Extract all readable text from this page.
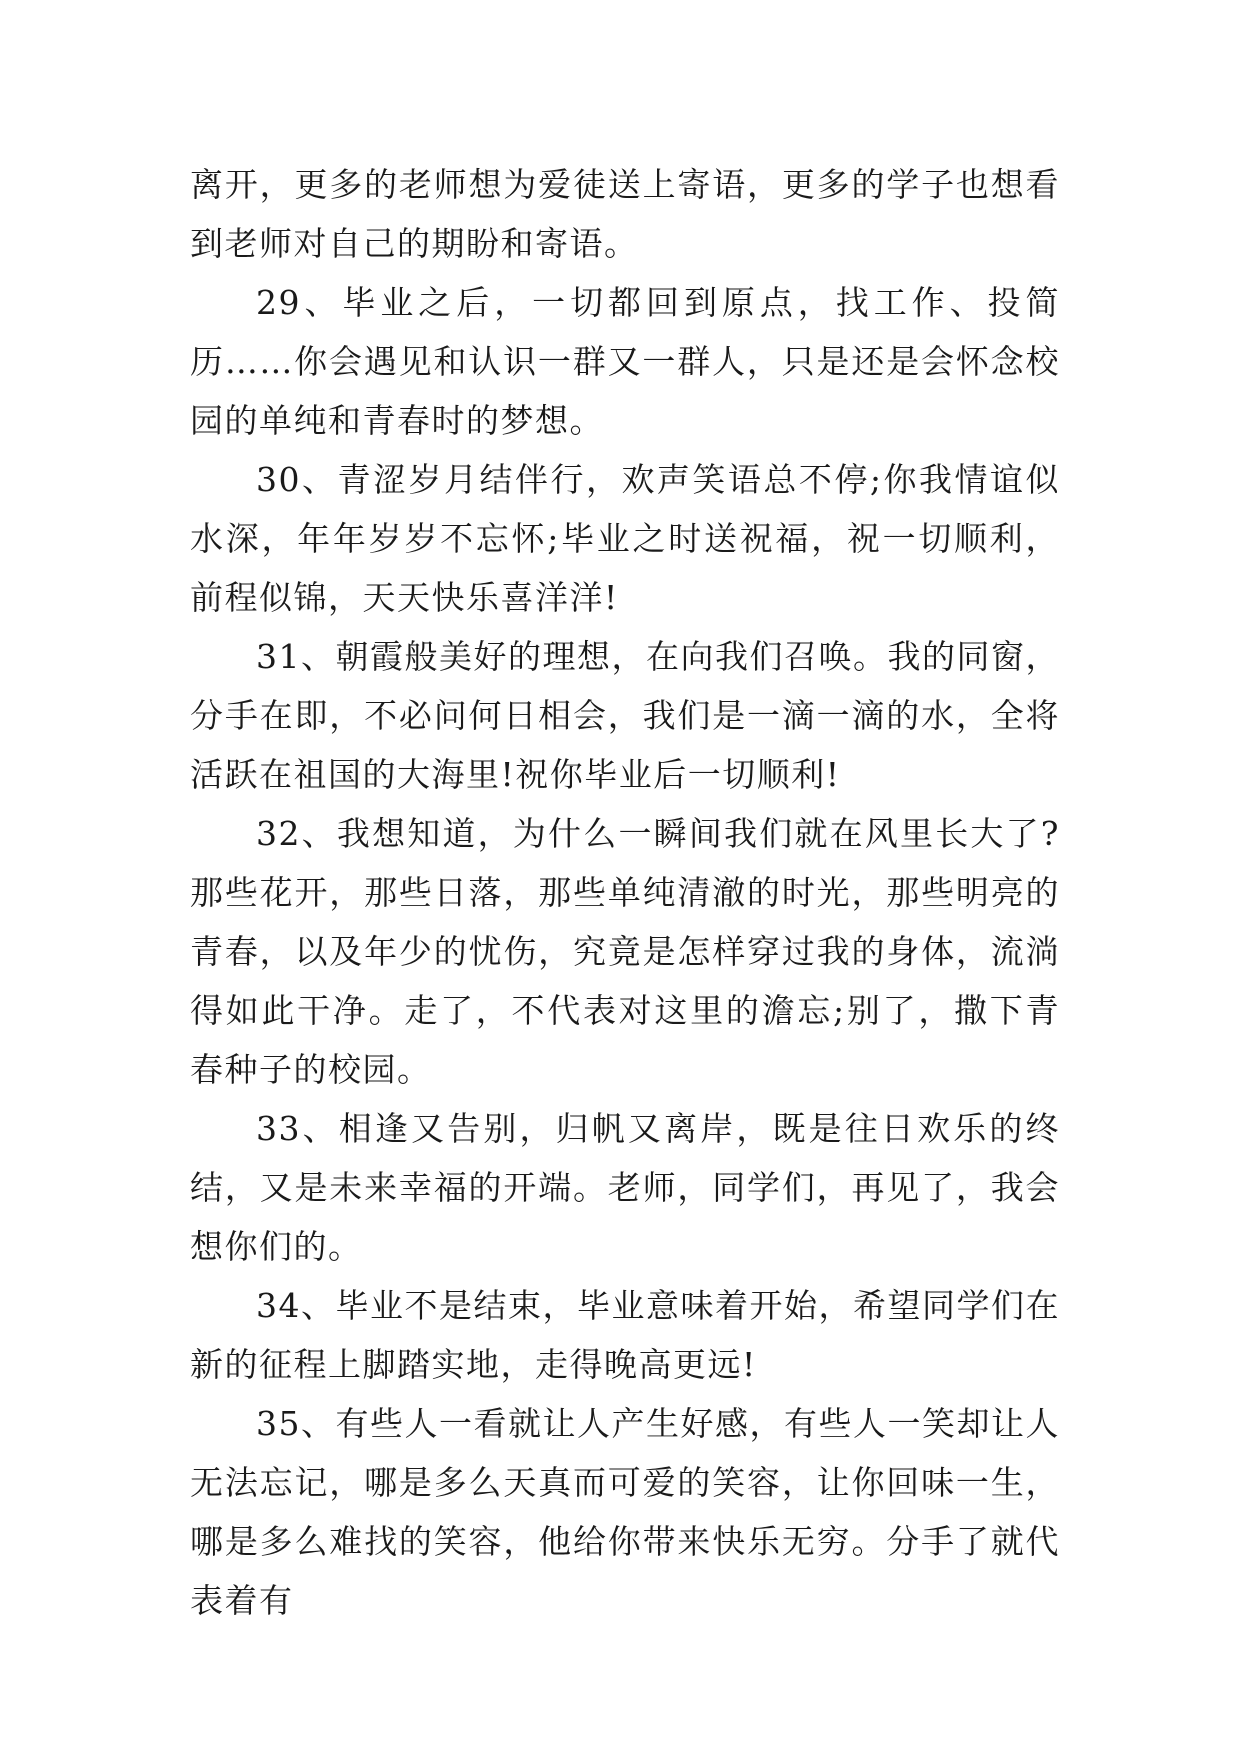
离开，更多的老师想为爱徒送上寄语，更多的学子也想看到老师对自己的期盼和寄语。

29、毕业之后，一切都回到原点，找工作、投简历……你会遇见和认识一群又一群人，只是还是会怀念校园的单纯和青春时的梦想。

30、青涩岁月结伴行，欢声笑语总不停;你我情谊似水深，年年岁岁不忘怀;毕业之时送祝福，祝一切顺利，前程似锦，天天快乐喜洋洋!

31、朝霞般美好的理想，在向我们召唤。我的同窗，分手在即，不必问何日相会，我们是一滴一滴的水，全将活跃在祖国的大海里!祝你毕业后一切顺利!

32、我想知道，为什么一瞬间我们就在风里长大了?那些花开，那些日落，那些单纯清澈的时光，那些明亮的青春，以及年少的忧伤，究竟是怎样穿过我的身体，流淌得如此干净。走了，不代表对这里的澹忘;别了，撒下青春种子的校园。

33、相逢又告别，归帆又离岸，既是往日欢乐的终结，又是未来幸福的开端。老师，同学们，再见了，我会想你们的。

34、毕业不是结束，毕业意味着开始，希望同学们在新的征程上脚踏实地，走得晚高更远!

35、有些人一看就让人产生好感，有些人一笑却让人无法忘记，哪是多么天真而可爱的笑容，让你回味一生，哪是多么难找的笑容，他给你带来快乐无穷。分手了就代表着有
